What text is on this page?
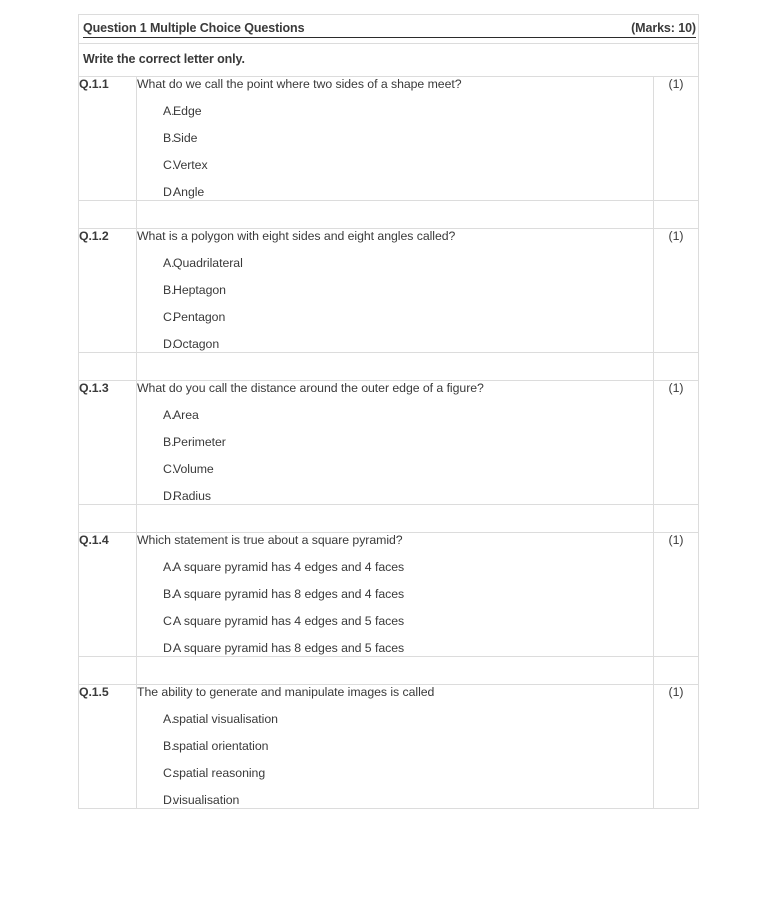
Question 1 Multiple Choice Questions (Marks: 10)		

Write the correct letter only.		

Q.1.1	What do we call the point where two sides of a shape meet?

A.
Edge
B.
Side
C.
Vertex
D.
Angle
	(1)

Q.1.2	What is a polygon with eight sides and eight angles called?

A.
Quadrilateral
B.
Heptagon
C.
Pentagon
D.
Octagon
	(1)

Q.1.3	What do you call the distance around the outer edge of a figure?

A.
Area
B.
Perimeter
C.
Volume
D.
Radius
	(1)

Q.1.4	Which statement is true about a square pyramid?

A.
A square pyramid has 4 edges and 4 faces
B.
A square pyramid has 8 edges and 4 faces
C.
A square pyramid has 4 edges and 5 faces
D.
A square pyramid has 8 edges and 5 faces
	(1)

Q.1.5	The ability to generate and manipulate images is called

A.
spatial visualisation
B.
spatial orientation
C.
spatial reasoning
D.
visualisation
	(1)
